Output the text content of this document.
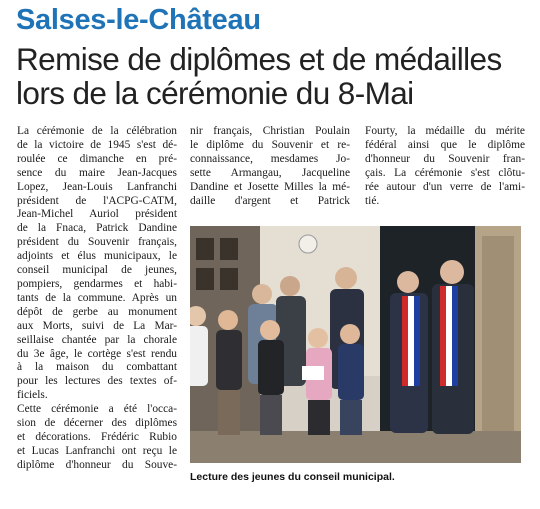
Salses-le-Château
Remise de diplômes et de médailles
lors de la cérémonie du 8-Mai
La cérémonie de la célébration
de la victoire de 1945 s'est dé-
roulée ce dimanche en pré-
sence du maire Jean-Jacques
Lopez, Jean-Louis Lanfranchi
président de l'ACPG-CATM,
Jean-Michel Auriol président
de la Fnaca, Patrick Dandine
président du Souvenir français,
adjoints et élus municipaux, le
conseil municipal de jeunes,
pompiers, gendarmes et habi-
tants de la commune. Après un
dépôt de gerbe au monument
aux Morts, suivi de La Mar-
seillaise chantée par la chorale
du 3e âge, le cortège s'est rendu
à la maison du combattant
pour les lectures des textes of-
ficiels.
Cette cérémonie a été l'occa-
sion de décerner des diplômes
et décorations. Frédéric Rubio
et Lucas Lanfranchi ont reçu le
diplôme d'honneur du Souve-
nir français, Christian Poulain
le diplôme du Souvenir et re-
connaissance, mesdames Jo-
sette Armangau, Jacqueline
Dandine et Josette Milles la mé-
daille d'argent et Patrick
Fourty, la médaille du mérite
fédéral ainsi que le diplôme
d'honneur du Souvenir fran-
çais. La cérémonie s'est clôtu-
rée autour d'un verre de l'ami-
tié.
Lecture des jeunes du conseil municipal.
